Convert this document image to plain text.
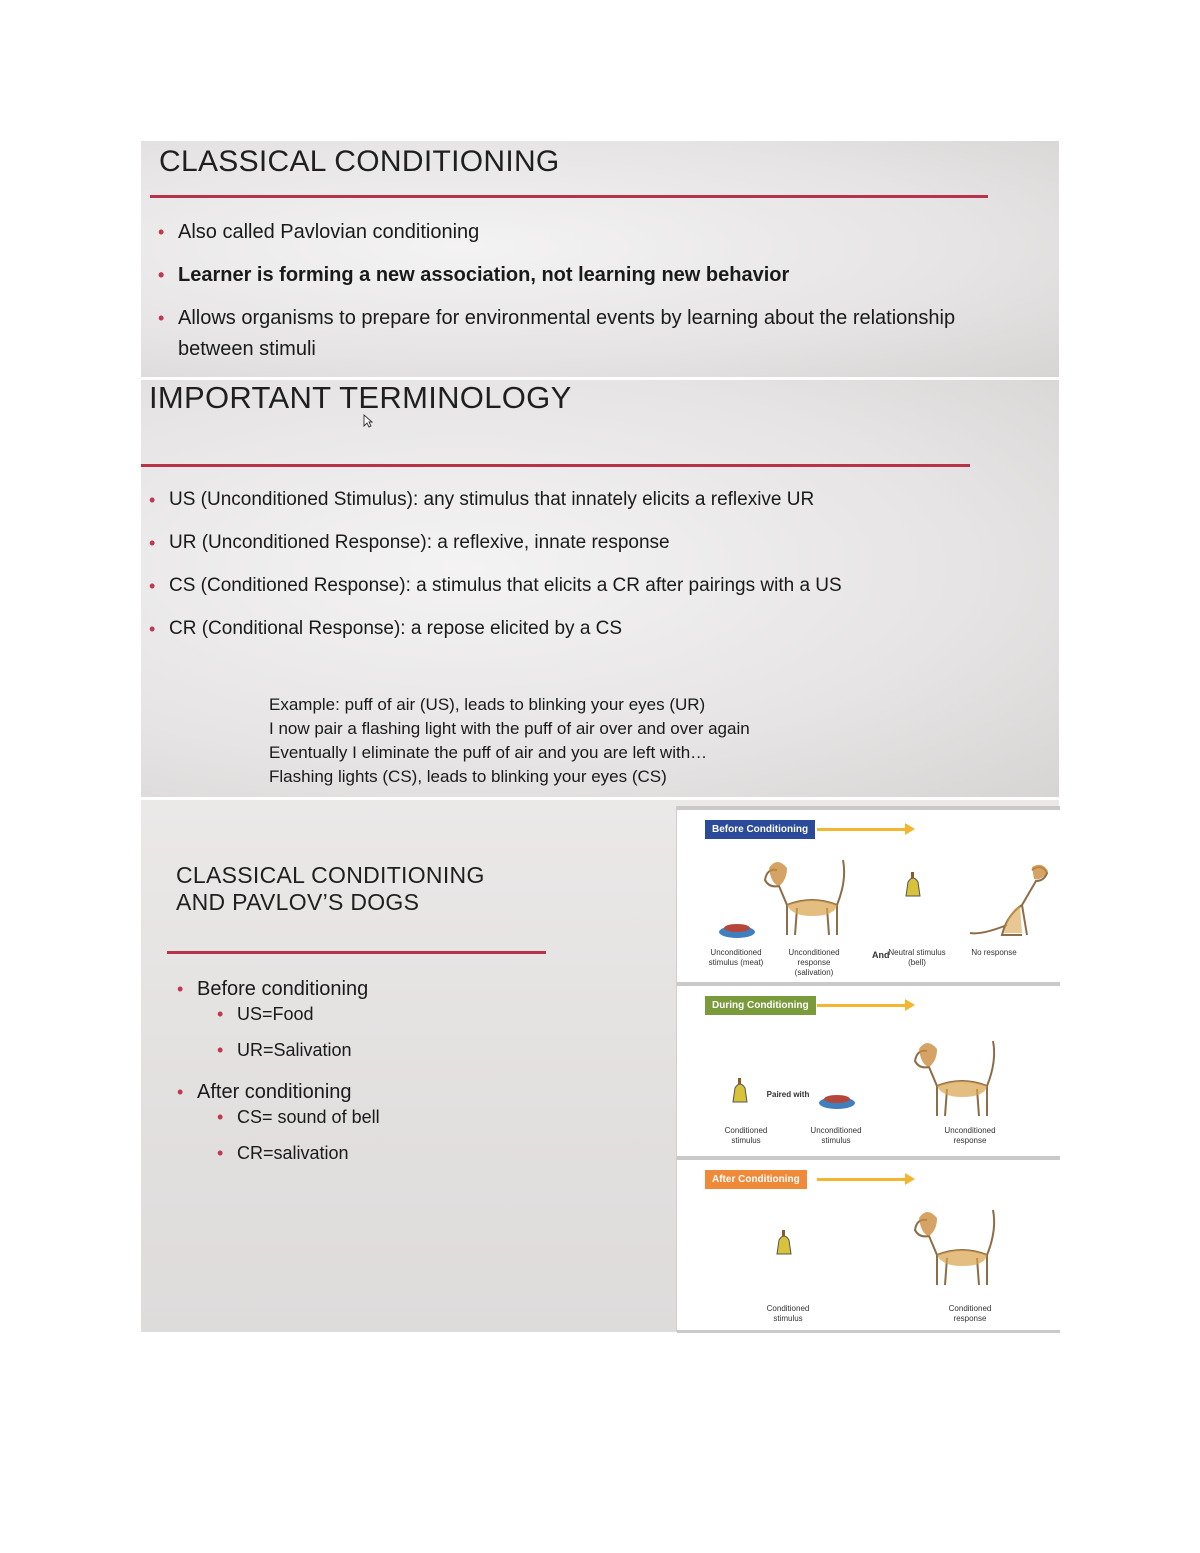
CLASSICAL CONDITIONING
• Also called Pavlovian conditioning
• Learner is forming a new association, not learning new behavior
• Allows organisms to prepare for environmental events by learning about the relationship between stimuli
IMPORTANT TERMINOLOGY
• US (Unconditioned Stimulus): any stimulus that innately elicits a reflexive UR
• UR (Unconditioned Response): a reflexive, innate response
• CS (Conditioned Response): a stimulus that elicits a CR after pairings with a US
• CR (Conditional Response): a repose elicited by a CS
Example: puff of air (US), leads to blinking your eyes (UR)
I now pair a flashing light with the puff of air over and over again
Eventually I eliminate the puff of air and you are left with…
Flashing lights (CS), leads to blinking your eyes (CS)
CLASSICAL CONDITIONING
AND PAVLOV’S DOGS
• Before conditioning
• US=Food
• UR=Salivation
• After conditioning
• CS= sound of bell
• CR=salivation
Before Conditioning
Unconditioned stimulus (meat)
Unconditioned response (salivation)
And
Neutral stimulus (bell)
No response
During Conditioning
Paired with
Conditioned stimulus
Unconditioned stimulus
Unconditioned response
After Conditioning
Conditioned stimulus
Conditioned response
